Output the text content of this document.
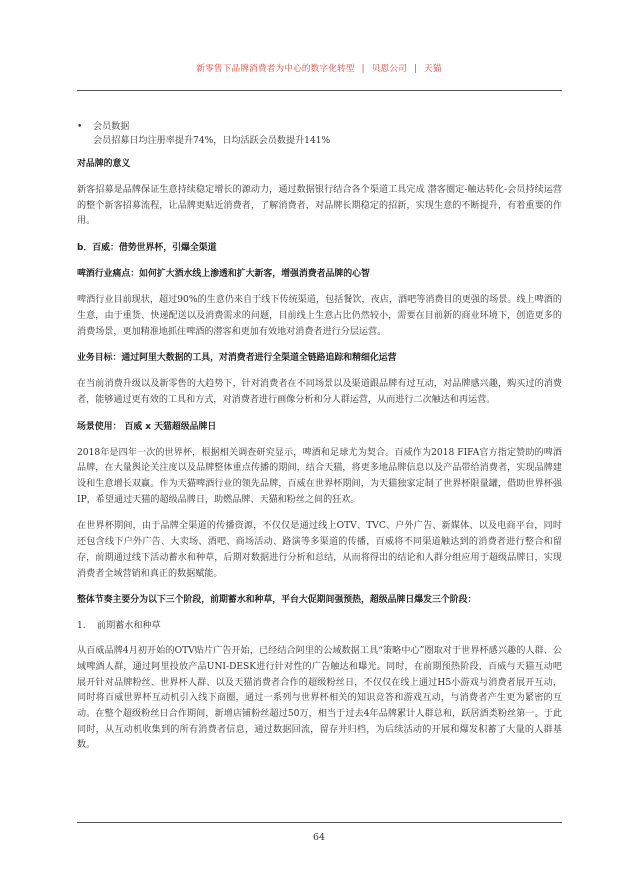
新零售下品牌消费者为中心的数字化转型 | 贝恩公司 | 天猫
•	会员数据
会员招募日均注册率提升74%，日均活跃会员数提升141%
对品牌的意义

新客招募是品牌保证生意持续稳定增长的源动力，通过数据银行结合各个渠道工具完成 潜客圈定-触达转化-会员持续运营 的整个新客招募流程，让品牌更贴近消费者，了解消费者，对品牌长期稳定的招新，实现生意的不断提升，有着重要的作用。

b．百威：借势世界杯，引爆全渠道
啤酒行业痛点：如何扩大酒水线上渗透和扩大新客，增强消费者品牌的心智

啤酒行业目前现状，超过90%的生意仍来自于线下传统渠道，包括餐饮，夜店，酒吧等消费目的更强的场景。线上啤酒的生意，由于重货、快递配送以及消费需求的问题，目前线上生意占比仍然较小，需要在目前新的商业环境下，创造更多的消费场景，更加精准地抓住啤酒的潜客和更加有效地对消费者进行分层运营。

业务目标：通过阿里大数据的工具，对消费者进行全渠道全链路追踪和精细化运营

在当前消费升级以及新零售的大趋势下，针对消费者在不同场景以及渠道跟品牌有过互动，对品牌感兴趣，购买过的消费者，能够通过更有效的工具和方式，对消费者进行画像分析和分人群运营，从而进行二次触达和再运营。

场景使用： 百威 x 天猫超级品牌日

2018年是四年一次的世界杯，根据相关调查研究显示，啤酒和足球尤为契合。百威作为2018 FIFA官方指定赞助的啤酒品牌，在大量舆论关注度以及品牌整体重点传播的期间，结合天猫，将更多地品牌信息以及产品带给消费者，实现品牌建设和生意增长双赢。作为天猫啤酒行业的领先品牌，百威在世界杯期间，为天猫独家定制了世界杯限量罐，借助世界杯强IP，希望通过天猫的超级品牌日，助燃品牌、天猫和粉丝之间的狂欢。

在世界杯期间，由于品牌全渠道的传播资源，不仅仅是通过线上OTV、TVC、户外广告、新媒体、以及电商平台，同时还包含线下户外广告、大卖场、酒吧、商场活动、路演等多渠道的传播，百威将不同渠道触达到的消费者进行整合和留存，前期通过线下活动蓄水和种草，后期对数据进行分析和总结，从而将得出的结论和人群分组应用于超级品牌日，实现消费者全域营销和真正的数据赋能。

整体节奏主要分为以下三个阶段，前期蓄水和种草，平台大促期间强预热，超级品牌日爆发三个阶段：
1.	前期蓄水和种草

从百威品牌4月初开始的OTV贴片广告开始，已经结合阿里的公域数据工具“策略中心”圈取对于世界杯感兴趣的人群、公域啤酒人群，通过阿里投放产品UNI-DESK进行针对性的广告触达和曝光。同时，在前期预热阶段，百威与天猫互动吧展开针对品牌粉丝、世界杯人群、以及天猫消费者合作的超级粉丝日，不仅仅在线上通过H5小游戏与消费者展开互动，同时将百威世界杯互动机引入线下商圈，通过一系列与世界杯相关的知识竞答和游戏互动，与消费者产生更为紧密的互动。在整个超级粉丝日合作期间，新增店铺粉丝超过50万，相当于过去4年品牌累计人群总和，跃居酒类粉丝第一。于此同时，从互动机收集到的所有消费者信息，通过数据回流，留存并归档，为后续活动的开展和爆发积蓄了大量的人群基数。

64
